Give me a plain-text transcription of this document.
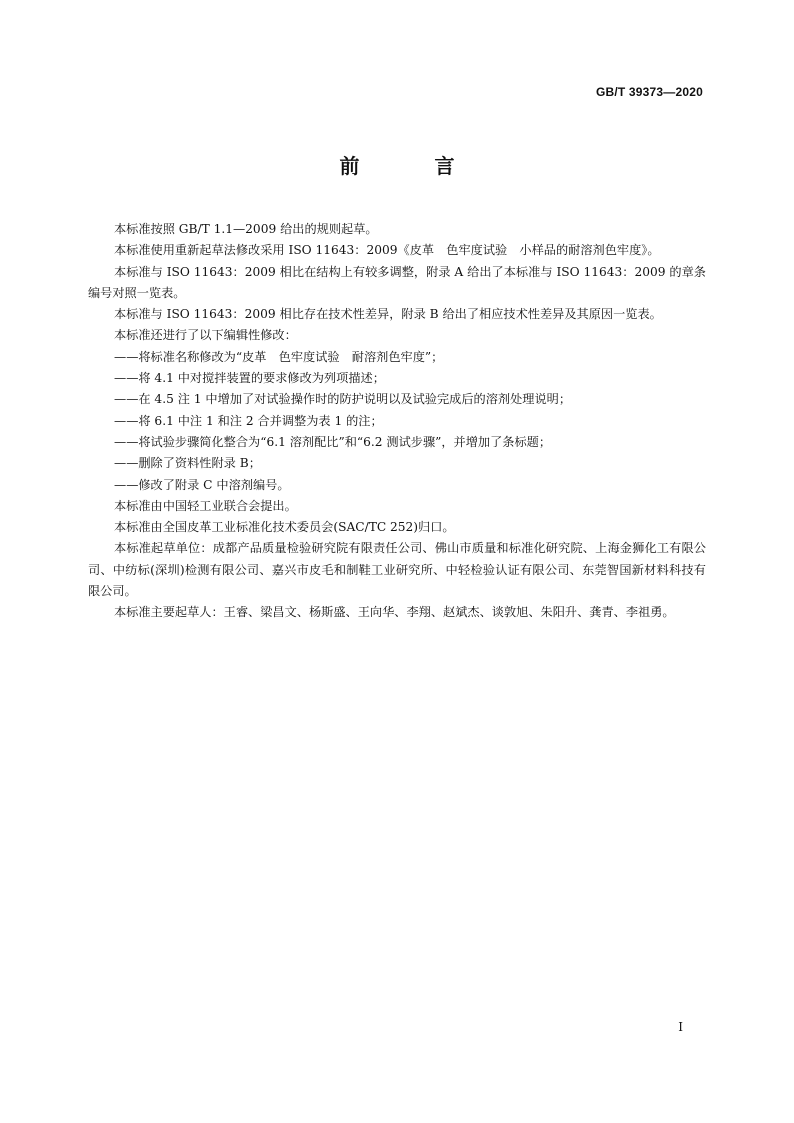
GB/T 39373—2020
前 言

本标准按照 GB/T 1.1—2009 给出的规则起草。

本标准使用重新起草法修改采用 ISO 11643：2009《皮革　色牢度试验　小样品的耐溶剂色牢度》。

本标准与 ISO 11643：2009 相比在结构上有较多调整，附录 A 给出了本标准与 ISO 11643：2009 的章条编号对照一览表。

本标准与 ISO 11643：2009 相比存在技术性差异，附录 B 给出了相应技术性差异及其原因一览表。

本标准还进行了以下编辑性修改：

——将标准名称修改为“皮革　色牢度试验　耐溶剂色牢度”；

——将 4.1 中对搅拌装置的要求修改为列项描述；

——在 4.5 注 1 中增加了对试验操作时的防护说明以及试验完成后的溶剂处理说明；

——将 6.1 中注 1 和注 2 合并调整为表 1 的注；

——将试验步骤简化整合为“6.1 溶剂配比”和“6.2 测试步骤”，并增加了条标题；

——删除了资料性附录 B；

——修改了附录 C 中溶剂编号。

本标准由中国轻工业联合会提出。

本标准由全国皮革工业标准化技术委员会(SAC/TC 252)归口。

本标准起草单位：成都产品质量检验研究院有限责任公司、佛山市质量和标准化研究院、上海金狮化工有限公司、中纺标(深圳)检测有限公司、嘉兴市皮毛和制鞋工业研究所、中轻检验认证有限公司、东莞智国新材料科技有限公司。

本标准主要起草人：王睿、梁昌文、杨斯盛、王向华、李翔、赵斌杰、谈敦旭、朱阳升、龚青、李祖勇。

I
